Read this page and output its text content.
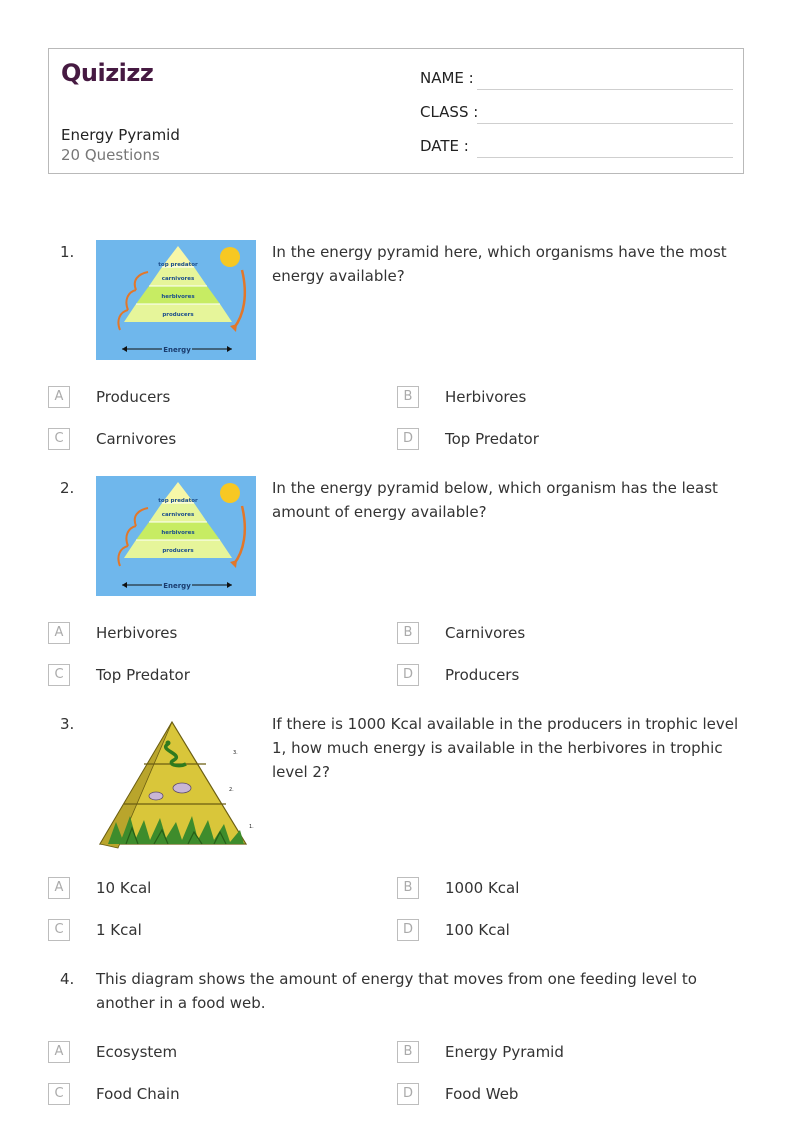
Quizizz
Energy Pyramid
20 Questions
NAME :
CLASS :
DATE :
1.
top predator
carnivores
herbivores
producers
Energy
In the energy pyramid here, which organisms have the most energy available?
A	Producers	B	Herbivores
C	Carnivores	D	Top Predator
2.
top predator
carnivores
herbivores
producers
Energy
In the energy pyramid below, which organism has the least amount of energy available?
A	Herbivores	B	Carnivores
C	Top Predator	D	Producers
3.
3.
2.
1.
If there is 1000 Kcal available in the producers in trophic level 1, how much energy is available in the herbivores in trophic level 2?
A	10 Kcal	B	1000 Kcal
C	1 Kcal	D	100 Kcal
4. This diagram shows the amount of energy that moves from one feeding level to another in a food web.
A	Ecosystem	B	Energy Pyramid
C	Food Chain	D	Food Web
